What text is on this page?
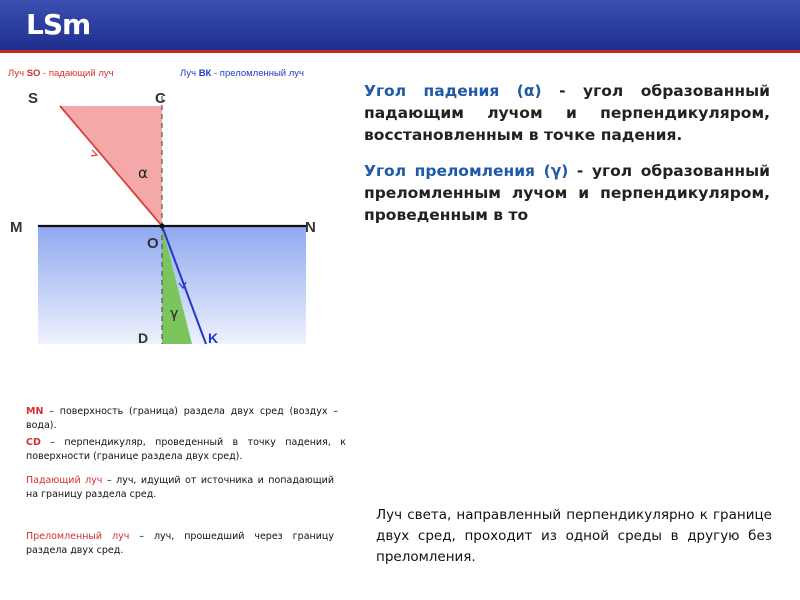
LSm
Луч SO - падающий луч	Луч ВК - преломленный луч
S	C
M	N
O
D	K
α
γ
Угол падения (α) - угол образованный падающим лучом и перпендикуляром, восстановленным в точке падения.
Угол преломления (γ) - угол образованный преломленным лучом и перпендикуляром, проведенным в то
MN – поверхность (граница) раздела двух сред (воздух –вода).
CD – перпендикуляр, проведенный в точку падения, к поверхности (границе раздела двух сред).
Падающий луч – луч, идущий от источника и попадающий на границу раздела сред.
Преломленный луч – луч, прошедший через границу раздела двух сред.
Луч света, направленный перпендикулярно к границе двух сред, проходит из одной среды в другую без преломления.
